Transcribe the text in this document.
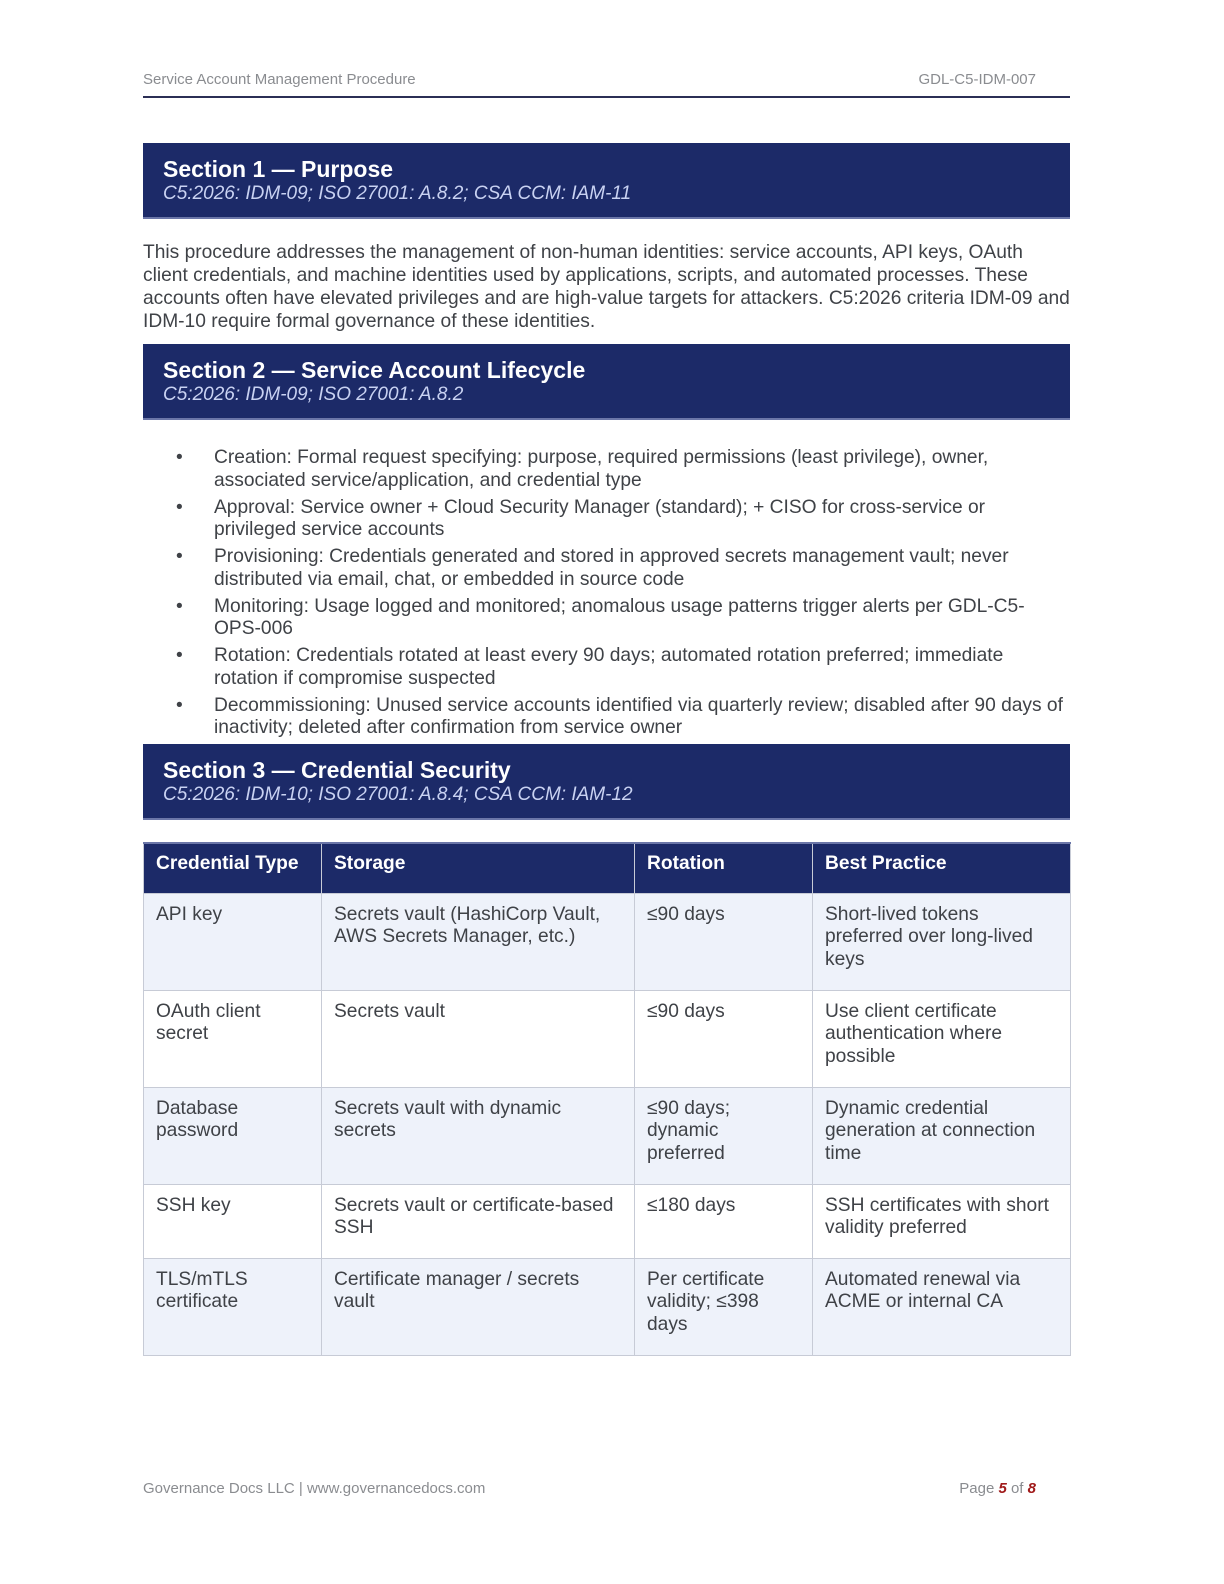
Service Account Management Procedure	GDL-C5-IDM-007
Section 1 — Purpose
C5:2026: IDM-09; ISO 27001: A.8.2; CSA CCM: IAM-11

This procedure addresses the management of non-human identities: service accounts, API keys, OAuth client credentials, and machine identities used by applications, scripts, and automated processes. These accounts often have elevated privileges and are high-value targets for attackers. C5:2026 criteria IDM-09 and IDM-10 require formal governance of these identities.

Section 2 — Service Account Lifecycle
C5:2026: IDM-09; ISO 27001: A.8.2
• Creation: Formal request specifying: purpose, required permissions (least privilege), owner, associated service/application, and credential type
• Approval: Service owner + Cloud Security Manager (standard); + CISO for cross-service or privileged service accounts
• Provisioning: Credentials generated and stored in approved secrets management vault; never distributed via email, chat, or embedded in source code
• Monitoring: Usage logged and monitored; anomalous usage patterns trigger alerts per GDL-C5-OPS-006
• Rotation: Credentials rotated at least every 90 days; automated rotation preferred; immediate rotation if compromise suspected
• Decommissioning: Unused service accounts identified via quarterly review; disabled after 90 days of inactivity; deleted after confirmation from service owner
Section 3 — Credential Security
C5:2026: IDM-10; ISO 27001: A.8.4; CSA CCM: IAM-12
Credential Type	Storage	Rotation	Best Practice
API key	Secrets vault (HashiCorp Vault, AWS Secrets Manager, etc.)	≤90 days	Short-lived tokens preferred over long-lived keys
OAuth client secret	Secrets vault	≤90 days	Use client certificate authentication where possible
Database password	Secrets vault with dynamic secrets	≤90 days; dynamic preferred	Dynamic credential generation at connection time
SSH key	Secrets vault or certificate-based SSH	≤180 days	SSH certificates with short validity preferred
TLS/mTLS certificate	Certificate manager / secrets vault	Per certificate validity; ≤398 days	Automated renewal via ACME or internal CA
Governance Docs LLC | www.governancedocs.com	Page 5 of 8
